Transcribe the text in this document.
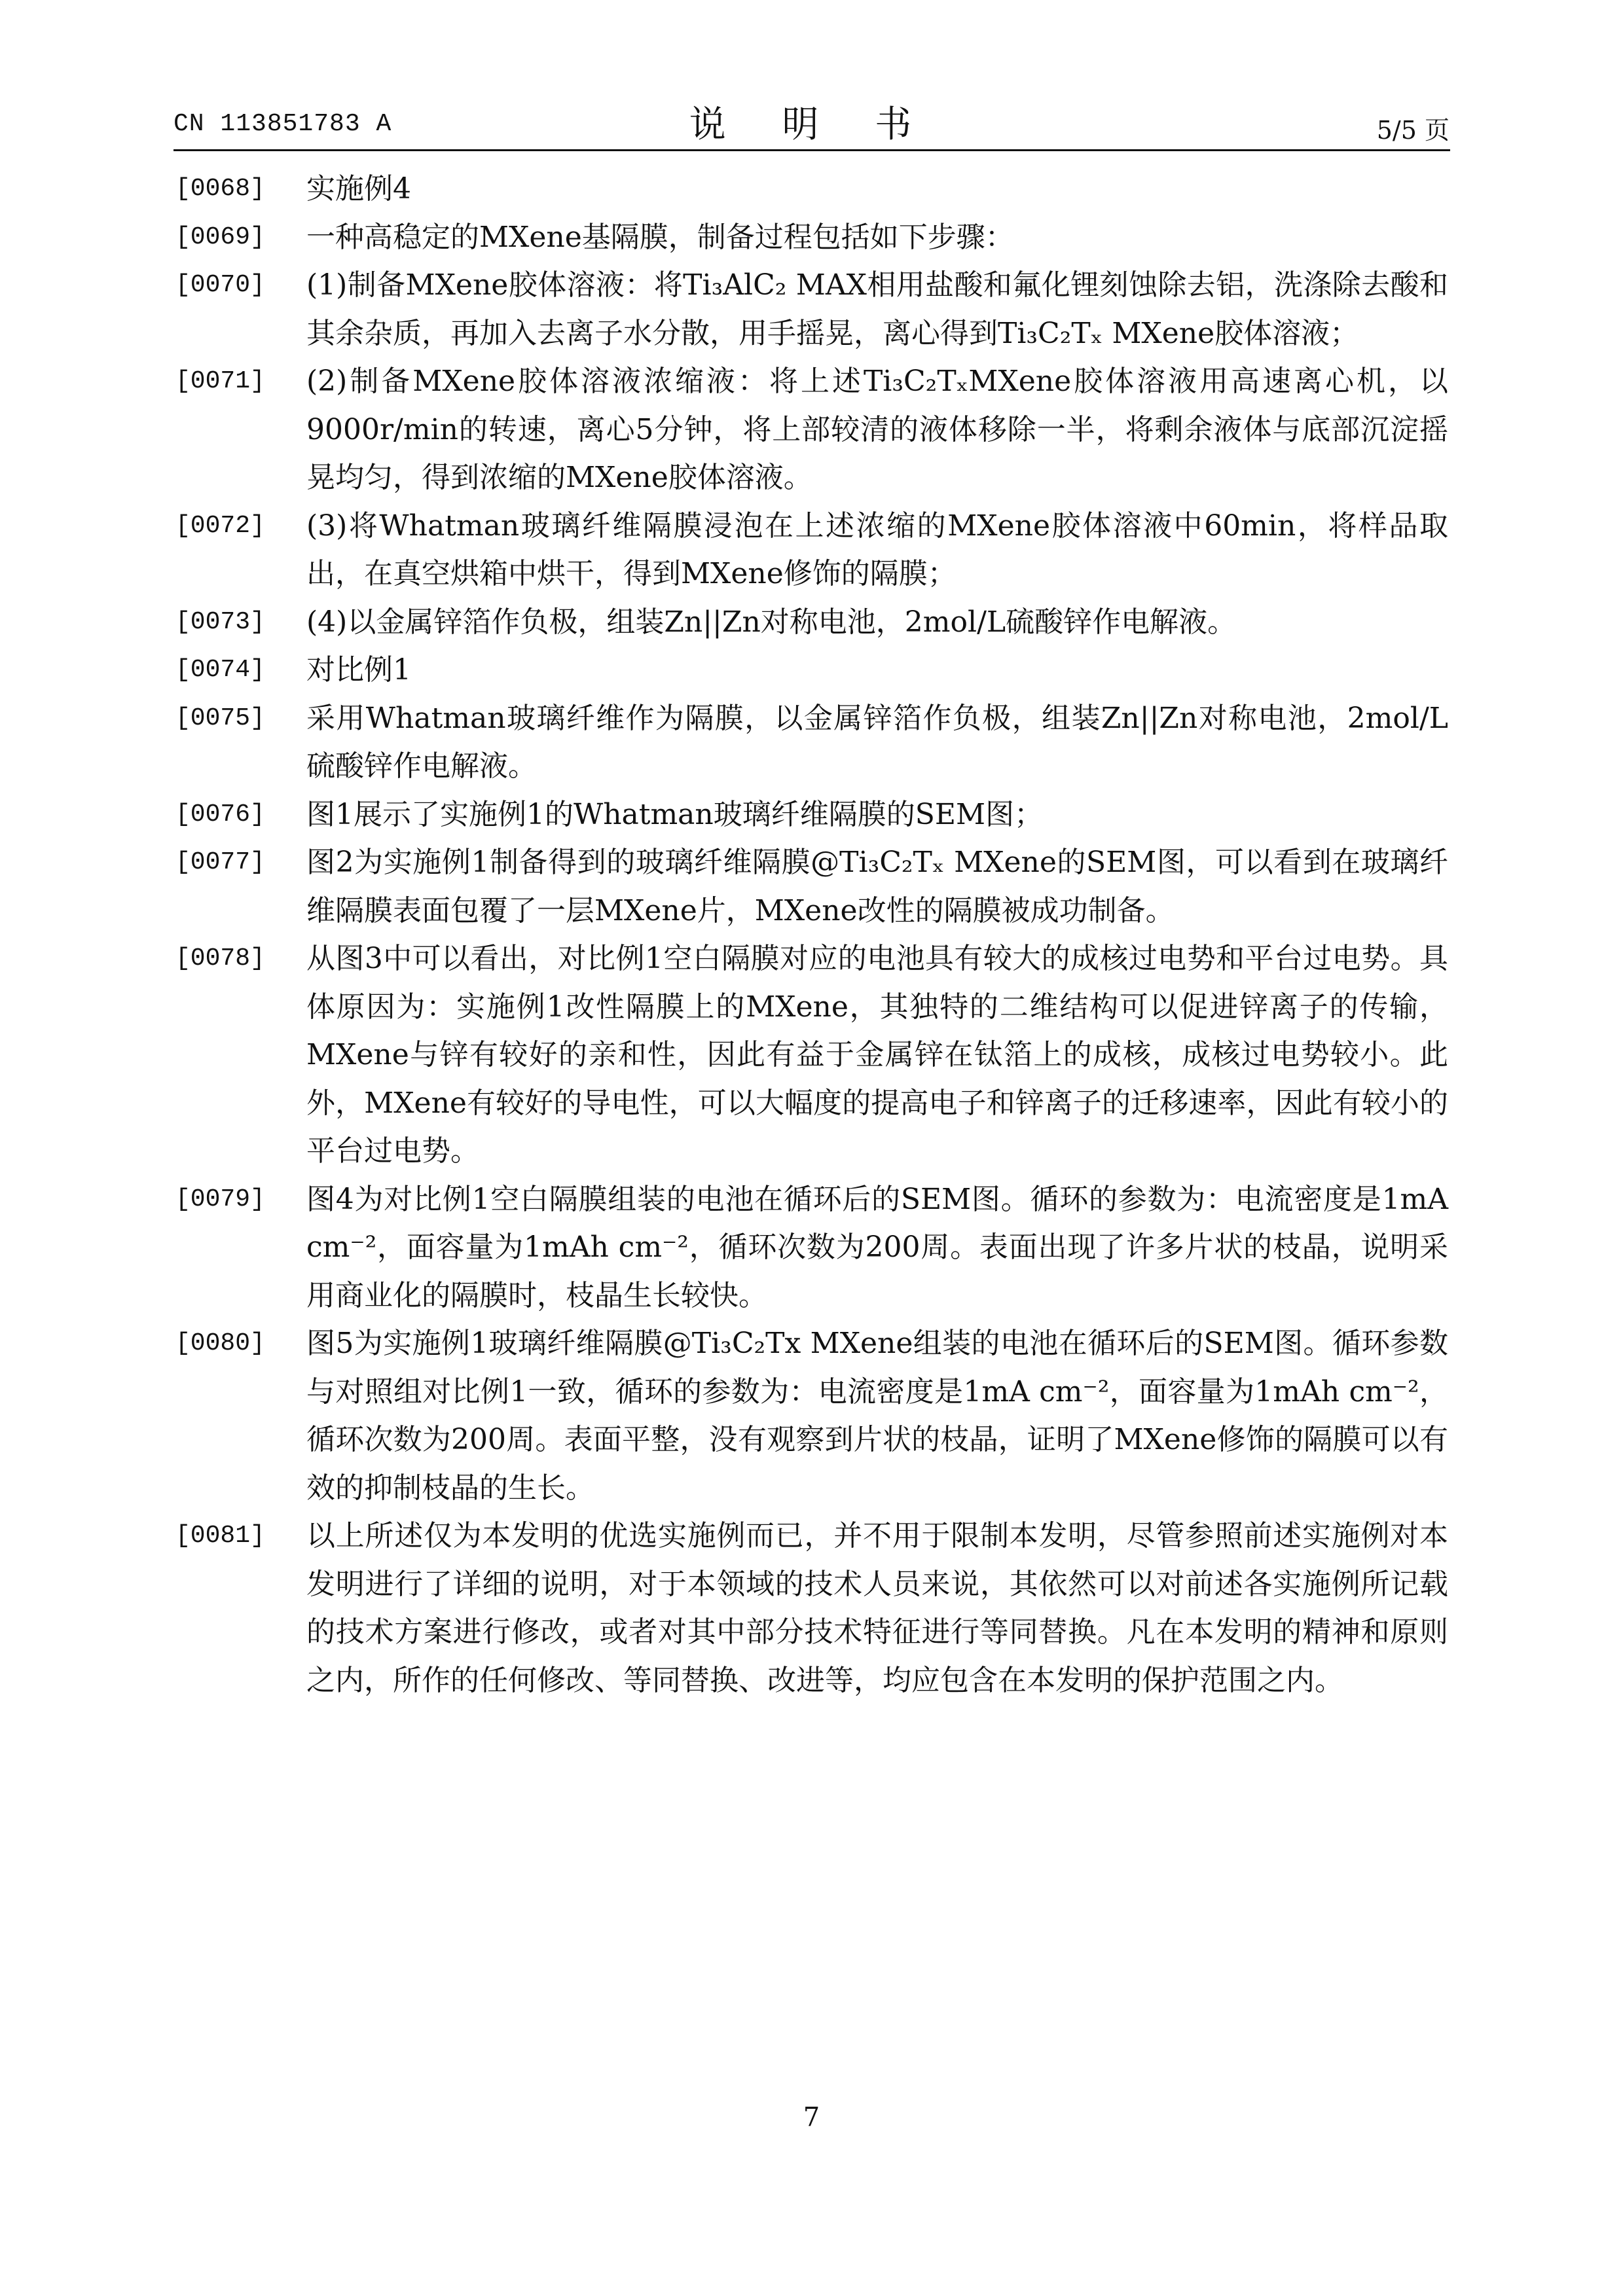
CN 113851783 A	说 明 书	5/5 页

[0068] 实施例4

[0069] 一种高稳定的MXene基隔膜，制备过程包括如下步骤：

[0070] (1)制备MXene胶体溶液：将Ti₃AlC₂ MAX相用盐酸和氟化锂刻蚀除去铝，洗涤除去酸和其余杂质，再加入去离子水分散，用手摇晃，离心得到Ti₃C₂Tₓ MXene胶体溶液；

[0071] (2)制备MXene胶体溶液浓缩液：将上述Ti₃C₂TₓMXene胶体溶液用高速离心机，以9000r/min的转速，离心5分钟，将上部较清的液体移除一半，将剩余液体与底部沉淀摇晃均匀，得到浓缩的MXene胶体溶液。

[0072] (3)将Whatman玻璃纤维隔膜浸泡在上述浓缩的MXene胶体溶液中60min，将样品取出，在真空烘箱中烘干，得到MXene修饰的隔膜；

[0073] (4)以金属锌箔作负极，组装Zn||Zn对称电池，2mol/L硫酸锌作电解液。

[0074] 对比例1

[0075] 采用Whatman玻璃纤维作为隔膜，以金属锌箔作负极，组装Zn||Zn对称电池，2mol/L硫酸锌作电解液。

[0076] 图1展示了实施例1的Whatman玻璃纤维隔膜的SEM图；

[0077] 图2为实施例1制备得到的玻璃纤维隔膜@Ti₃C₂Tₓ MXene的SEM图，可以看到在玻璃纤维隔膜表面包覆了一层MXene片，MXene改性的隔膜被成功制备。

[0078] 从图3中可以看出，对比例1空白隔膜对应的电池具有较大的成核过电势和平台过电势。具体原因为：实施例1改性隔膜上的MXene，其独特的二维结构可以促进锌离子的传输，MXene与锌有较好的亲和性，因此有益于金属锌在钛箔上的成核，成核过电势较小。此外，MXene有较好的导电性，可以大幅度的提高电子和锌离子的迁移速率，因此有较小的平台过电势。

[0079] 图4为对比例1空白隔膜组装的电池在循环后的SEM图。循环的参数为：电流密度是1mA cm⁻²，面容量为1mAh cm⁻²，循环次数为200周。表面出现了许多片状的枝晶，说明采用商业化的隔膜时，枝晶生长较快。

[0080] 图5为实施例1玻璃纤维隔膜@Ti₃C₂Tx MXene组装的电池在循环后的SEM图。循环参数与对照组对比例1一致，循环的参数为：电流密度是1mA cm⁻²，面容量为1mAh cm⁻²，循环次数为200周。表面平整，没有观察到片状的枝晶，证明了MXene修饰的隔膜可以有效的抑制枝晶的生长。

[0081] 以上所述仅为本发明的优选实施例而已，并不用于限制本发明，尽管参照前述实施例对本发明进行了详细的说明，对于本领域的技术人员来说，其依然可以对前述各实施例所记载的技术方案进行修改，或者对其中部分技术特征进行等同替换。凡在本发明的精神和原则之内，所作的任何修改、等同替换、改进等，均应包含在本发明的保护范围之内。

7
